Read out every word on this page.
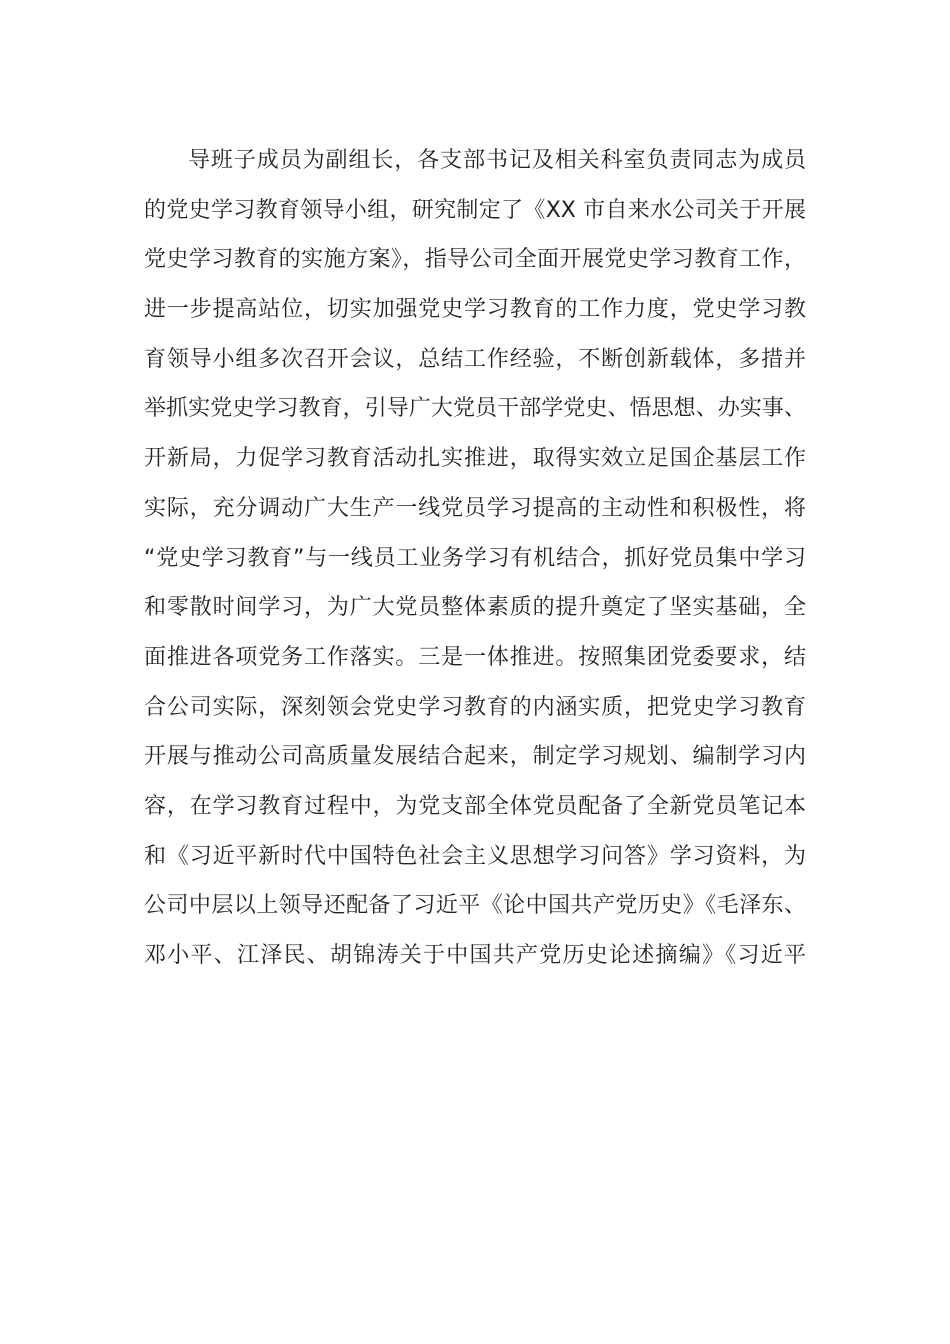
导班子成员为副组长，各支部书记及相关科室负责同志为成员
的党史学习教育领导小组，研究制定了《XX 市自来水公司关于开展
党史学习教育的实施方案》，指导公司全面开展党史学习教育工作，
进一步提高站位，切实加强党史学习教育的工作力度，党史学习教
育领导小组多次召开会议，总结工作经验，不断创新载体，多措并
举抓实党史学习教育，引导广大党员干部学党史、悟思想、办实事、
开新局，力促学习教育活动扎实推进，取得实效立足国企基层工作
实际，充分调动广大生产一线党员学习提高的主动性和积极性，将
“党史学习教育”与一线员工业务学习有机结合，抓好党员集中学习
和零散时间学习，为广大党员整体素质的提升奠定了坚实基础，全
面推进各项党务工作落实。三是一体推进。按照集团党委要求，结
合公司实际，深刻领会党史学习教育的内涵实质，把党史学习教育
开展与推动公司高质量发展结合起来，制定学习规划、编制学习内
容，在学习教育过程中，为党支部全体党员配备了全新党员笔记本
和《习近平新时代中国特色社会主义思想学习问答》学习资料，为
公司中层以上领导还配备了习近平《论中国共产党历史》《毛泽东、
邓小平、江泽民、胡锦涛关于中国共产党历史论述摘编》《习近平
